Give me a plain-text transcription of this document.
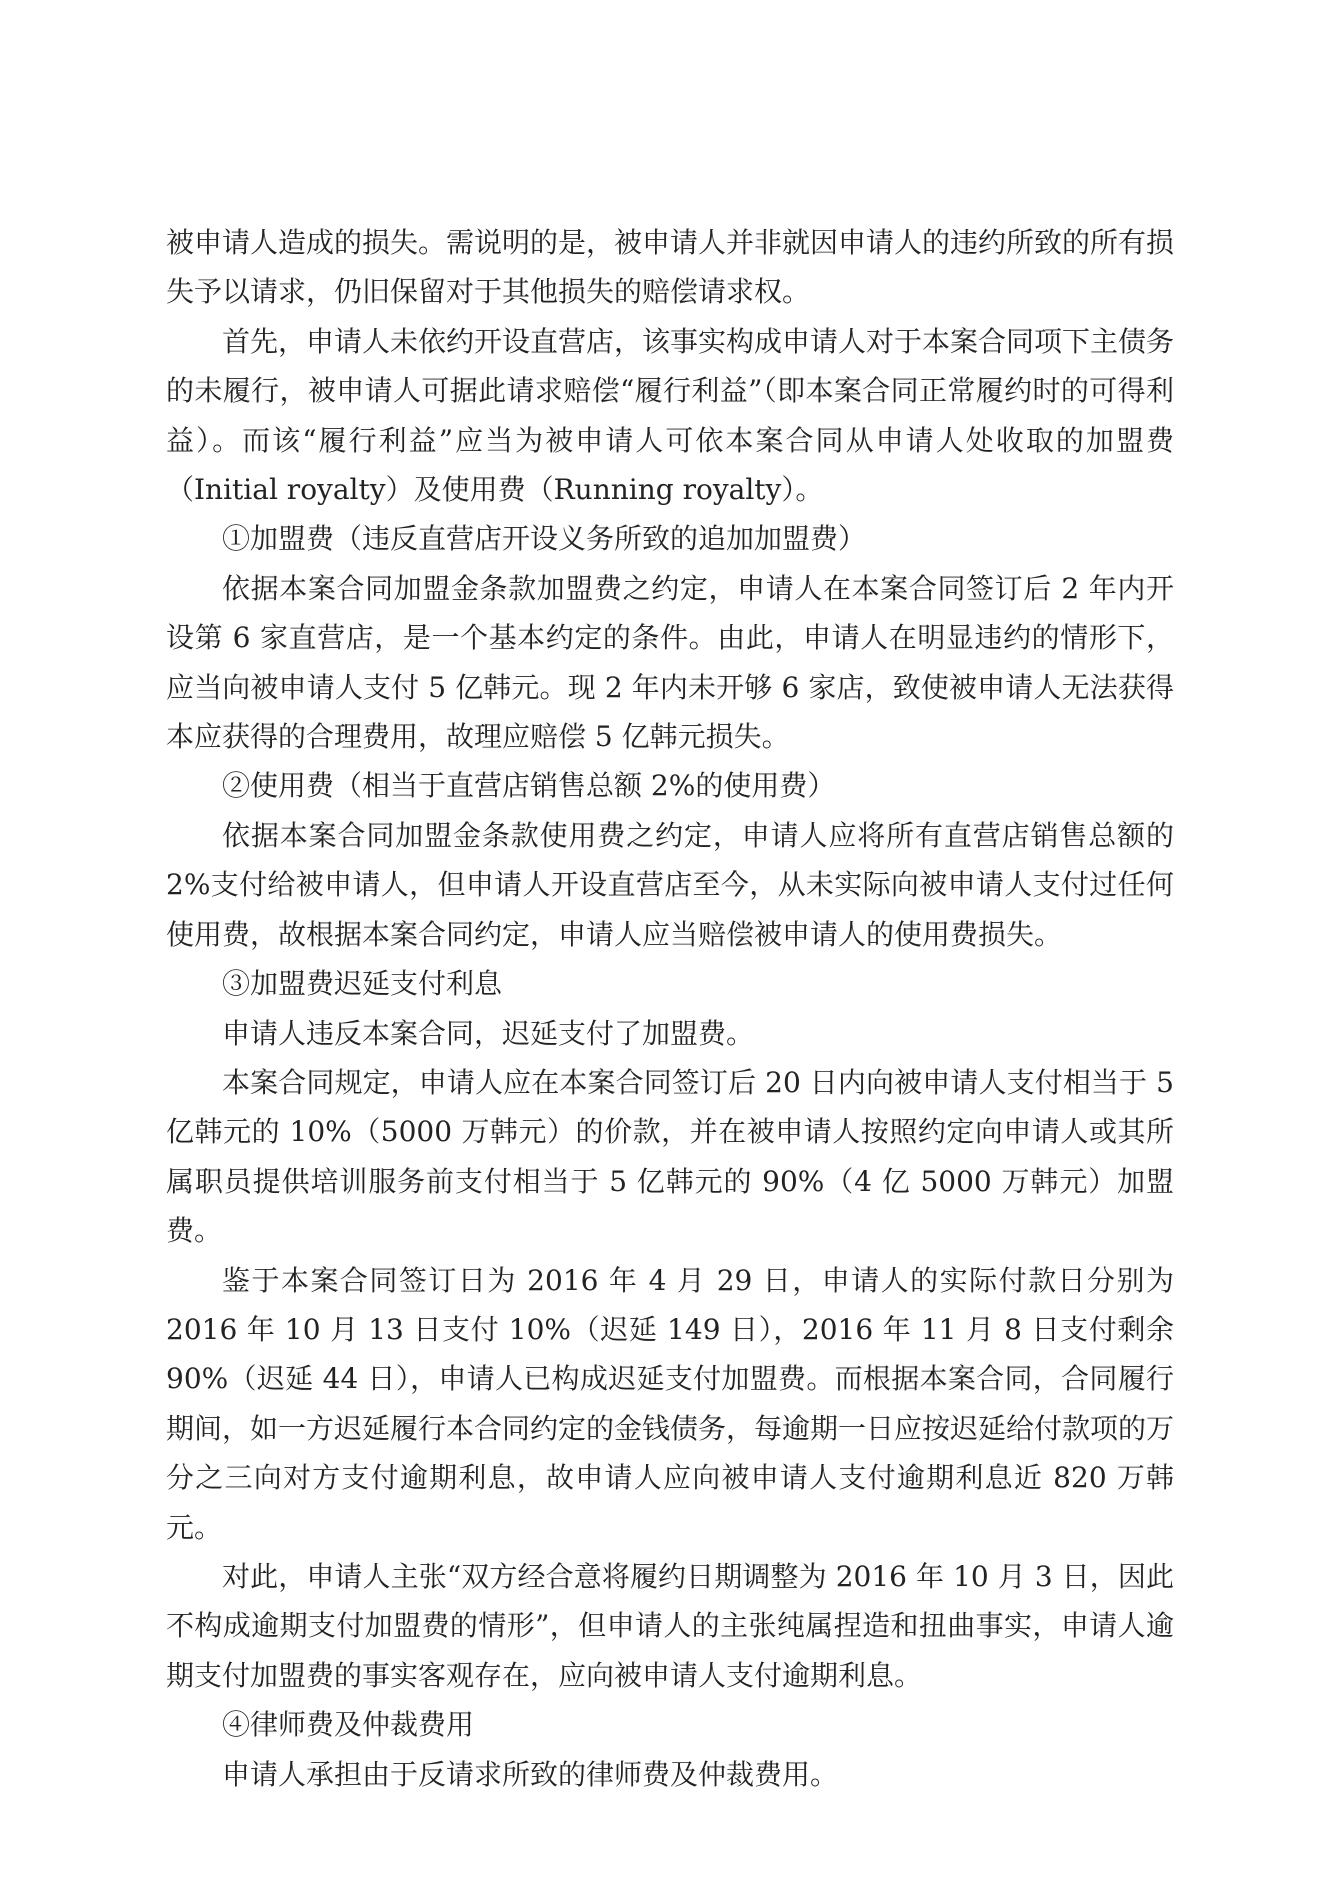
被申请人造成的损失。需说明的是，被申请人并非就因申请人的违约所致的所有损失予以请求，仍旧保留对于其他损失的赔偿请求权。

首先，申请人未依约开设直营店，该事实构成申请人对于本案合同项下主债务的未履行，被申请人可据此请求赔偿“履行利益”（即本案合同正常履约时的可得利益）。而该“履行利益”应当为被申请人可依本案合同从申请人处收取的加盟费（Initial royalty）及使用费（Running royalty）。

①加盟费（违反直营店开设义务所致的追加加盟费）

依据本案合同加盟金条款加盟费之约定，申请人在本案合同签订后 2 年内开设第 6 家直营店，是一个基本约定的条件。由此，申请人在明显违约的情形下，应当向被申请人支付 5 亿韩元。现 2 年内未开够 6 家店，致使被申请人无法获得本应获得的合理费用，故理应赔偿 5 亿韩元损失。

②使用费（相当于直营店销售总额 2%的使用费）

依据本案合同加盟金条款使用费之约定，申请人应将所有直营店销售总额的 2%支付给被申请人，但申请人开设直营店至今，从未实际向被申请人支付过任何使用费，故根据本案合同约定，申请人应当赔偿被申请人的使用费损失。

③加盟费迟延支付利息

申请人违反本案合同，迟延支付了加盟费。

本案合同规定，申请人应在本案合同签订后 20 日内向被申请人支付相当于 5 亿韩元的 10%（5000 万韩元）的价款，并在被申请人按照约定向申请人或其所属职员提供培训服务前支付相当于 5 亿韩元的 90%（4 亿 5000 万韩元）加盟费。

鉴于本案合同签订日为 2016 年 4 月 29 日，申请人的实际付款日分别为 2016 年 10 月 13 日支付 10%（迟延 149 日），2016 年 11 月 8 日支付剩余 90%（迟延 44 日），申请人已构成迟延支付加盟费。而根据本案合同，合同履行期间，如一方迟延履行本合同约定的金钱债务，每逾期一日应按迟延给付款项的万分之三向对方支付逾期利息，故申请人应向被申请人支付逾期利息近 820 万韩元。

对此，申请人主张“双方经合意将履约日期调整为 2016 年 10 月 3 日，因此不构成逾期支付加盟费的情形”，但申请人的主张纯属捏造和扭曲事实，申请人逾期支付加盟费的事实客观存在，应向被申请人支付逾期利息。

④律师费及仲裁费用

申请人承担由于反请求所致的律师费及仲裁费用。
